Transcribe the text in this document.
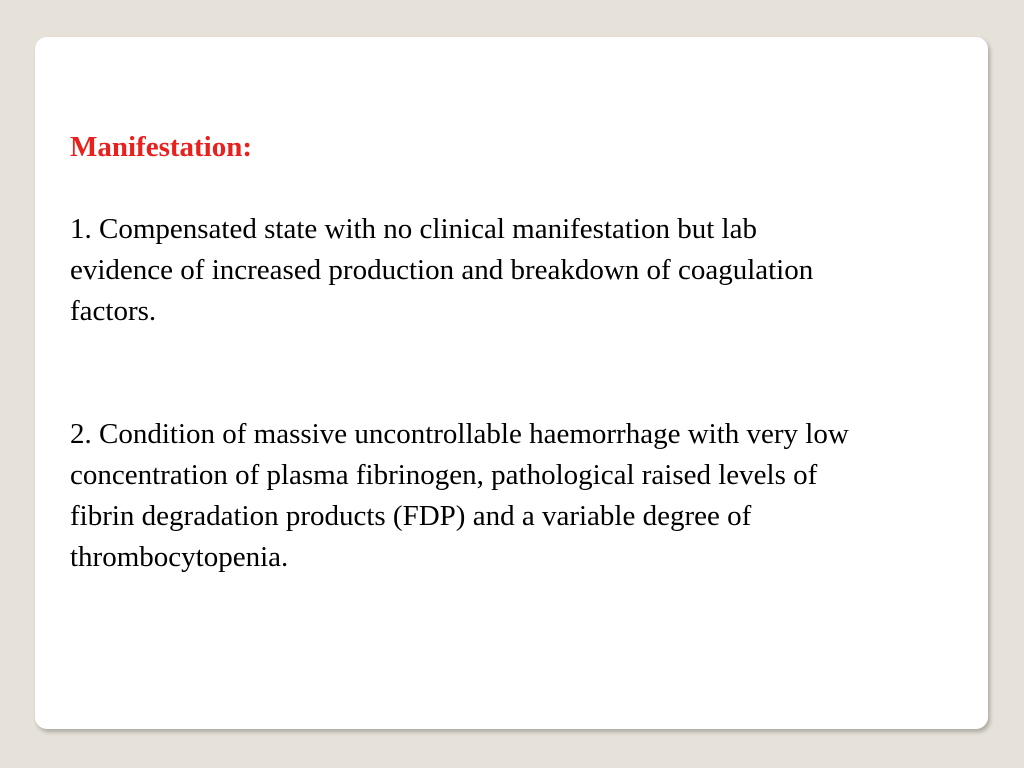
Manifestation:

1. Compensated state with no clinical manifestation but lab evidence of increased production and breakdown of coagulation factors.

2. Condition of massive uncontrollable haemorrhage with very low concentration of plasma fibrinogen, pathological raised levels of fibrin degradation products (FDP) and a variable degree of thrombocytopenia.
